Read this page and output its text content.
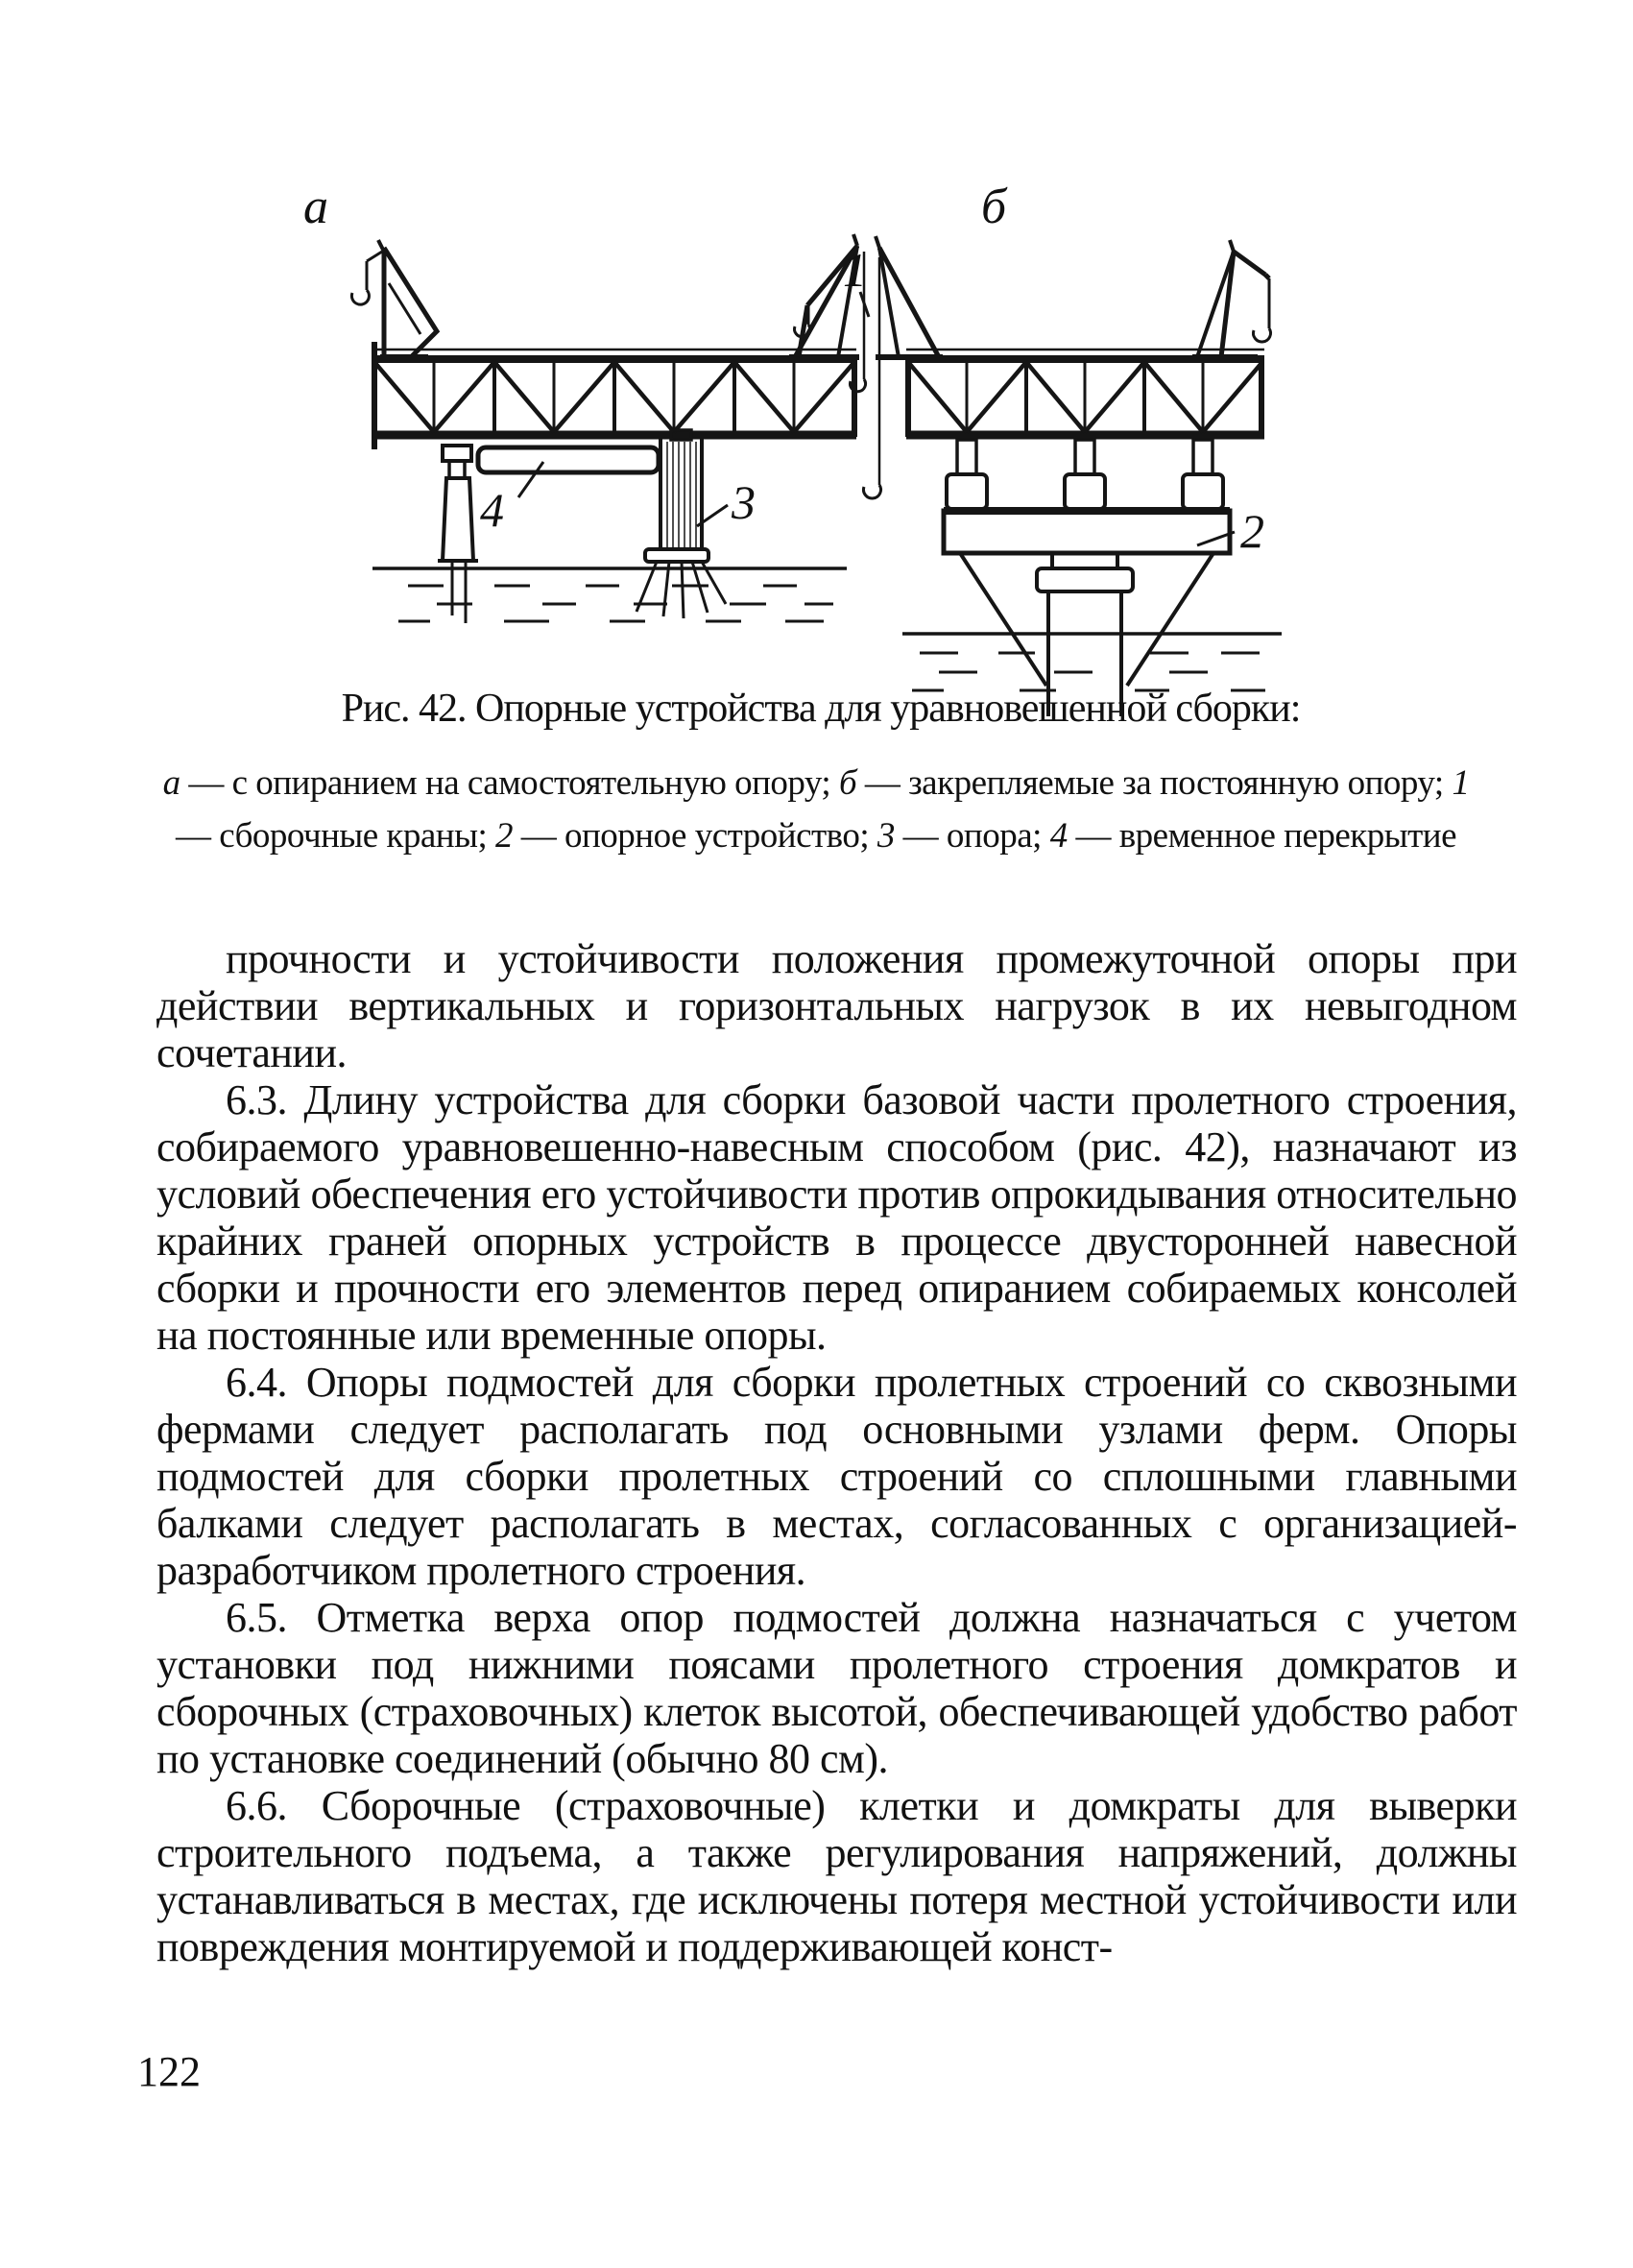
а	б
1
2
3
4
Рис. 42. Опорные устройства для уравновешенной сборки:
а — с опиранием на самостоятельную опору; б — закрепляемые за постоянную опору; 1 — сборочные краны; 2 — опорное устройство; 3 — опора; 4 — временное перекрытие

прочности и устойчивости положения промежуточной опоры при действии вертикальных и горизонтальных нагрузок в их невыгодном сочетании.

6.3. Длину устройства для сборки базовой части пролетного строения, собираемого уравновешенно-навесным способом (рис. 42), назначают из условий обеспечения его устойчивости против опрокидывания относительно крайних граней опорных устройств в процессе двусторонней навесной сборки и прочности его элементов перед опиранием собираемых консолей на постоянные или временные опоры.

6.4. Опоры подмостей для сборки пролетных строений со сквозными фермами следует располагать под основными узлами ферм. Опоры подмостей для сборки пролетных строений со сплошными главными балками следует располагать в местах, согласованных с организацией-разработчиком пролетного строения.

6.5. Отметка верха опор подмостей должна назначаться с учетом установки под нижними поясами пролетного строения домкратов и сборочных (страховочных) клеток высотой, обеспечивающей удобство работ по установке соединений (обычно 80 см).

6.6. Сборочные (страховочные) клетки и домкраты для выверки строительного подъема, а также регулирования напряжений, должны устанавливаться в местах, где исключены потеря местной устойчивости или повреждения монтируемой и поддерживающей конст-

122
